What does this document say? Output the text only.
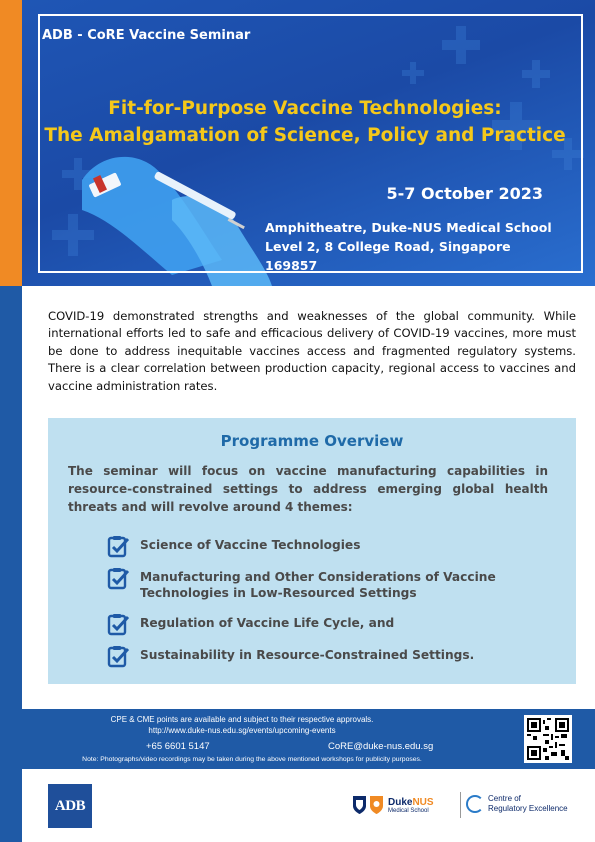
ADB - CoRE Vaccine Seminar
Fit-for-Purpose Vaccine Technologies:
The Amalgamation of Science, Policy and Practice
5-7 October 2023
Amphitheatre, Duke-NUS Medical School
Level 2, 8 College Road, Singapore 169857
COVID-19 demonstrated strengths and weaknesses of the global community. While international efforts led to safe and efficacious delivery of COVID-19 vaccines, more must be done to address inequitable vaccines access and fragmented regulatory systems. There is a clear correlation between production capacity, regional access to vaccines and vaccine administration rates.
Programme Overview
The seminar will focus on vaccine manufacturing capabilities in resource-constrained settings to address emerging global health threats and will revolve around 4 themes:
Science of Vaccine Technologies
Manufacturing and Other Considerations of Vaccine Technologies in Low-Resourced Settings
Regulation of Vaccine Life Cycle, and
Sustainability in Resource-Constrained Settings.
CPE & CME points are available and subject to their respective approvals.
http://www.duke-nus.edu.sg/events/upcoming-events
+65 6601 5147	CoRE@duke-nus.edu.sg
Note: Photographs/video recordings may be taken during the above mentioned workshops for publicity purposes.
ADB	DukeNUS
Medical School
Centre of
Regulatory Excellence
